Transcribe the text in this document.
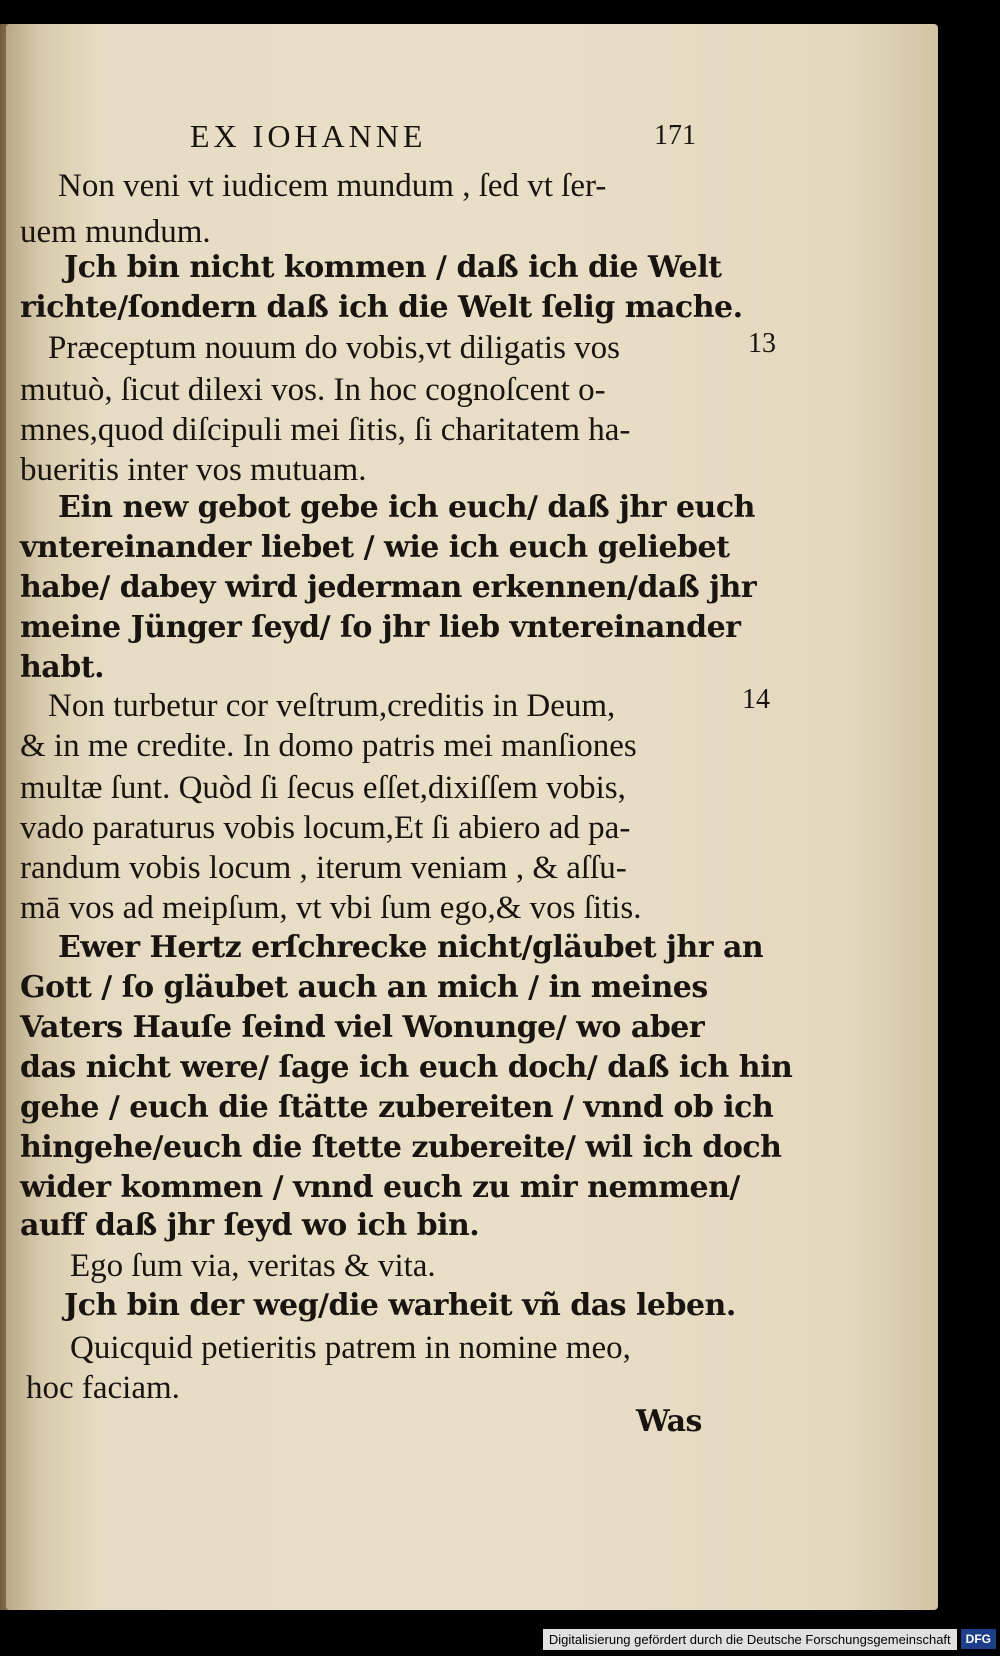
EX IOHANNE	171
Non veni vt iudicem mundum , ſed vt ſer-
uem mundum.
Jch bin nicht kommen / daß ich die Welt
richte/ſondern daß ich die Welt ſelig mache.
Præceptum nouum do vobis,vt diligatis vos
mutuò, ſicut dilexi vos. In hoc cognoſcent o-
mnes,quod diſcipuli mei ſitis, ſi charitatem ha-
bueritis inter vos mutuam.
Ein new gebot gebe ich euch/ daß jhr euch
vntereinander liebet / wie ich euch geliebet
habe/ dabey wird jederman erkennen/daß jhr
meine Jünger ſeyd/ ſo jhr lieb vntereinander
habt.
Non turbetur cor veſtrum,creditis in Deum,
& in me credite. In domo patris mei manſiones
multæ ſunt. Quòd ſi ſecus eſſet,dixiſſem vobis,
vado paraturus vobis locum,Et ſi abiero ad pa-
randum vobis locum , iterum veniam , & aſſu-
mā vos ad meipſum, vt vbi ſum ego,& vos ſitis.
Ewer Hertz erſchrecke nicht/gläubet jhr an
Gott / ſo gläubet auch an mich / in meines
Vaters Hauſe ſeind viel Wonunge/ wo aber
das nicht were/ ſage ich euch doch/ daß ich hin
gehe / euch die ſtätte zubereiten / vnnd ob ich
hingehe/euch die ſtette zubereite/ wil ich doch
wider kommen / vnnd euch zu mir nemmen/
auff daß jhr ſeyd wo ich bin.
Ego ſum via, veritas & vita.
Jch bin der weg/die warheit vñ das leben.
Quicquid petieritis patrem in nomine meo,
hoc faciam.
Was
13
14
Digitalisierung gefördert durch die Deutsche Forschungsgemeinschaft	DFG
